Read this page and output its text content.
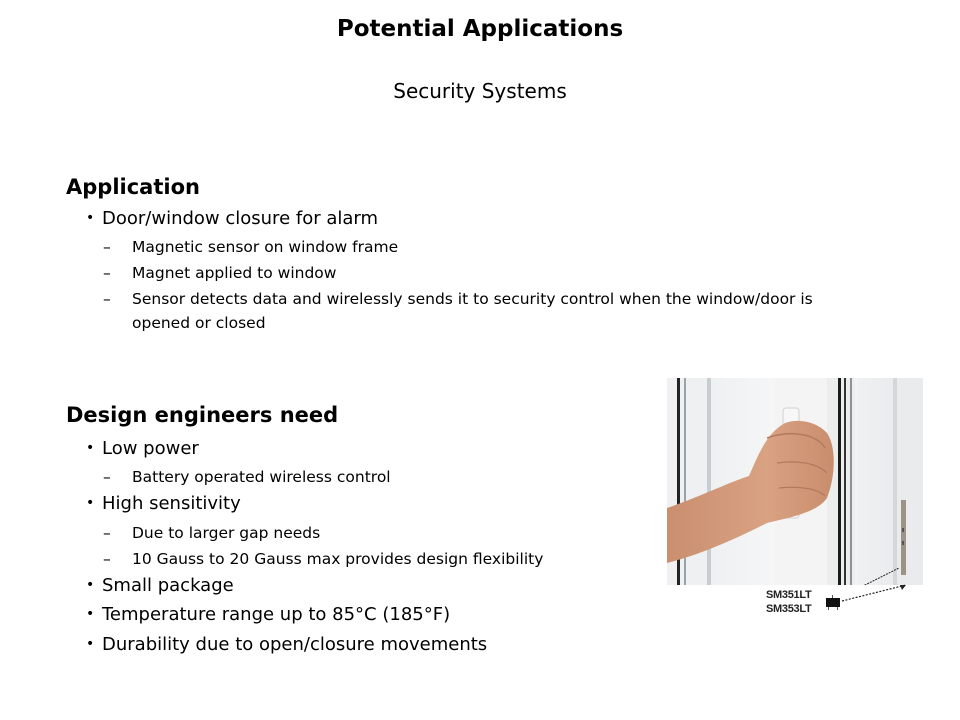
Potential Applications
Security Systems
Application
• Door/window closure for alarm
– Magnetic sensor on window frame
– Magnet applied to window
– Sensor detects data and wirelessly sends it to security control when the window/door is opened or closed
Design engineers need
• Low power
– Battery operated wireless control
• High sensitivity
– Due to larger gap needs
– 10 Gauss to 20 Gauss max provides design flexibility
• Small package
• Temperature range up to 85°C (185°F)
• Durability due to open/closure movements
SM351LT
SM353LT
